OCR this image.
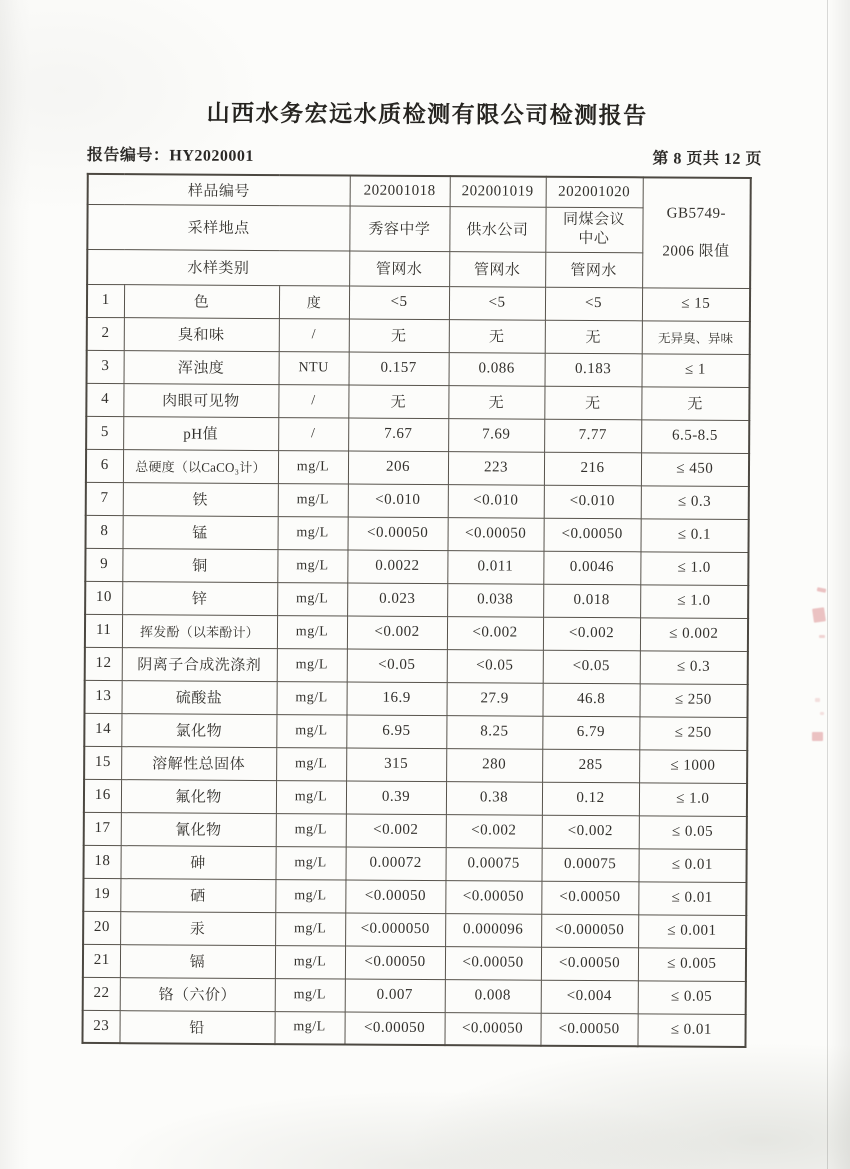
山西水务宏远水质检测有限公司检测报告
报告编号：HY2020001	第 8 页共 12 页
样品编号			202001018	202001019	202001020	GB5749-
2006 限值
采样地点			秀容中学	供水公司	同煤会议
中心	
水样类别			管网水	管网水	管网水	
1	色	度	<5	<5	<5	≤ 15
2	臭和味	/	无	无	无	无异臭、异味
3	浑浊度	NTU	0.157	0.086	0.183	≤ 1
4	肉眼可见物	/	无	无	无	无
5	pH值	/	7.67	7.69	7.77	6.5-8.5
6	总硬度（以CaCO₃计）	mg/L	206	223	216	≤ 450
7	铁	mg/L	<0.010	<0.010	<0.010	≤ 0.3
8	锰	mg/L	<0.00050	<0.00050	<0.00050	≤ 0.1
9	铜	mg/L	0.0022	0.011	0.0046	≤ 1.0
10	锌	mg/L	0.023	0.038	0.018	≤ 1.0
11	挥发酚（以苯酚计）	mg/L	<0.002	<0.002	<0.002	≤ 0.002
12	阴离子合成洗涤剂	mg/L	<0.05	<0.05	<0.05	≤ 0.3
13	硫酸盐	mg/L	16.9	27.9	46.8	≤ 250
14	氯化物	mg/L	6.95	8.25	6.79	≤ 250
15	溶解性总固体	mg/L	315	280	285	≤ 1000
16	氟化物	mg/L	0.39	0.38	0.12	≤ 1.0
17	氰化物	mg/L	<0.002	<0.002	<0.002	≤ 0.05
18	砷	mg/L	0.00072	0.00075	0.00075	≤ 0.01
19	硒	mg/L	<0.00050	<0.00050	<0.00050	≤ 0.01
20	汞	mg/L	<0.000050	0.000096	<0.000050	≤ 0.001
21	镉	mg/L	<0.00050	<0.00050	<0.00050	≤ 0.005
22	铬（六价）	mg/L	0.007	0.008	<0.004	≤ 0.05
23	铅	mg/L	<0.00050	<0.00050	<0.00050	≤ 0.01
